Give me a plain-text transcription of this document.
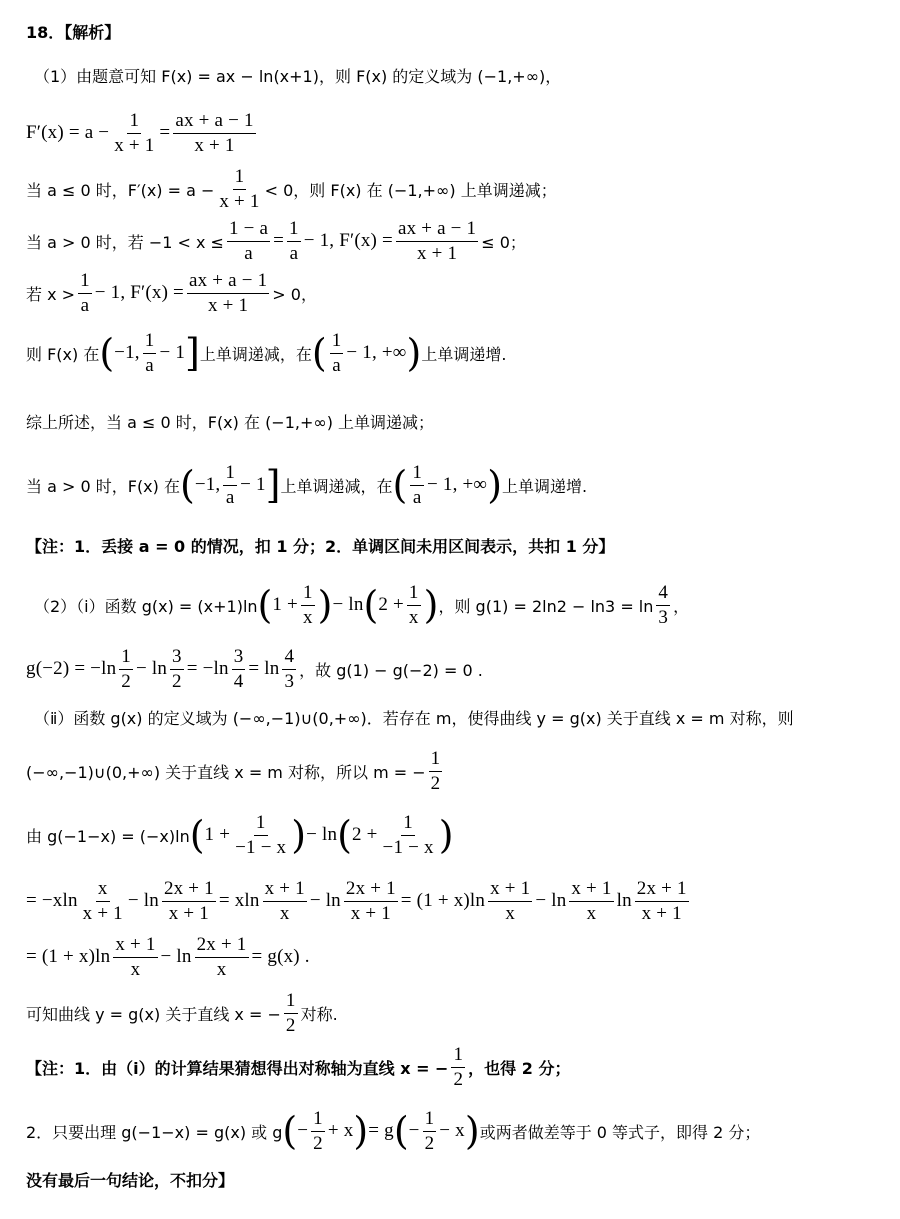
18．【解析】
（1）由题意可知 F(x) = ax − ln(x+1)，则 F(x) 的定义域为 (−1,+∞)，
$F'(x) = a - \frac{1}{x + 1} = \frac{ax + a - 1}{x + 1}$
当 a ≤ 0 时，$F'(x) = a - \frac{1}{x + 1} < 0$，则 F(x) 在 (−1,+∞) 上单调递减；
当 a > 0 时，若 $-1 < x \le \frac{1 - a}{a} = \frac{1}{a} - 1$, $F'(x) = \frac{ax + a - 1}{x + 1} \le 0$；
若 x >
1
a
− 1, $F'(x) = \frac{ax + a - 1}{x + 1} > 0$，
则 F(x) 在 ( −1,
1
a
− 1 ] 上单调递减，在 ( 1
a
− 1, +∞ ) 上单调递增.
综上所述，当 a ≤ 0 时，F(x) 在 (−1,+∞) 上单调递减；
当 a > 0 时，F(x) 在 ( −1,
1
a
− 1 ] 上单调递减，在 ( 1
a
− 1, +∞ ) 上单调递增.
【注：1．丢接 a = 0 的情况，扣 1 分；2．单调区间未用区间表示，共扣 1 分】
（2）（ⅰ）函数 g(x) = (x+1)ln ( $1 + \frac{1}{x}$ ) − ln ( $2 + \frac{1}{x}$ ) ，则 g(1) = 2ln2 − ln3 = ln
4
3
，
g(−2) = −ln
1
2
− $\ln \frac{3}{2} = -\ln \frac{3}{4} = \ln$
4
3
，故 g(1) − g(−2) = 0 .
（ⅱ）函数 g(x) 的定义域为 (−∞,−1)∪(0,+∞)．若存在 m，使得曲线 y = g(x) 关于直线 x = m 对称，则
(−∞,−1)∪(0,+∞) 关于直线 x = m 对称，所以 m = − $\frac{1}{2}$
由 g(−1−x) = (−x)ln ( $1 + \frac{1}{-1 - x}$ ) − ln ( $2 + \frac{1}{-1 - x}$ )
= −xln
x
x + 1
− $\ln \frac{2x + 1}{x + 1} = xln$
x + 1
x
− $\ln \frac{2x + 1}{x + 1} = (1 + x)\ln$
x + 1
x
− ln
x + 1
x
ln
2x + 1
x + 1
= (1 + x)ln
x + 1
x
− $\ln \frac{2x + 1}{x} = g(x)$ .
可知曲线 y = g(x) 关于直线 x = − $\frac{1}{2}$ 对称.
【注：1．由（ⅰ）的计算结果猜想得出对称轴为直线 x = − $\frac{1}{2}$ ，也得 2 分；
2．只要出理 g(−1−x) = g(x) 或 g ( − $\frac{1}{2} + x$ ) = g ( − $\frac{1}{2} - x$ ) 或两者做差等于 0 等式子，即得 2 分；
没有最后一句结论，不扣分】
